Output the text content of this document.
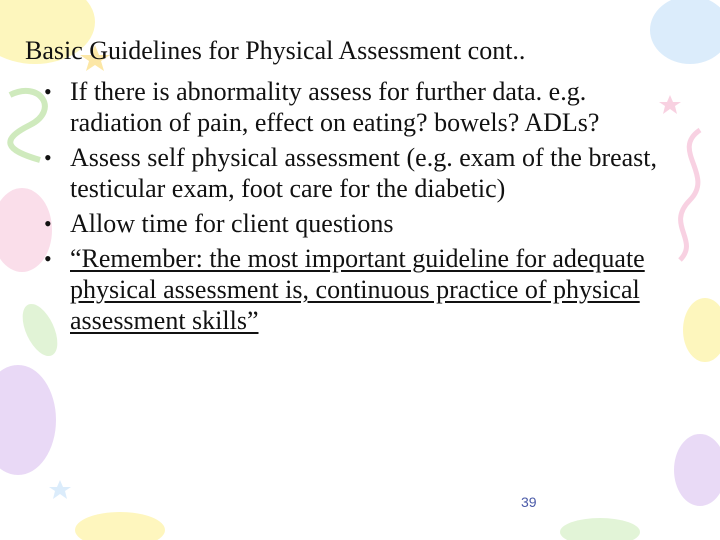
Basic Guidelines for Physical Assessment cont..
• If there is abnormality assess for further data. e.g. radiation of pain, effect on eating? bowels? ADLs?
• Assess self physical assessment (e.g. exam of the breast, testicular exam, foot care for the diabetic)
• Allow time for client questions
• “Remember: the most important guideline for adequate physical assessment is, continuous practice of physical assessment skills”
39
